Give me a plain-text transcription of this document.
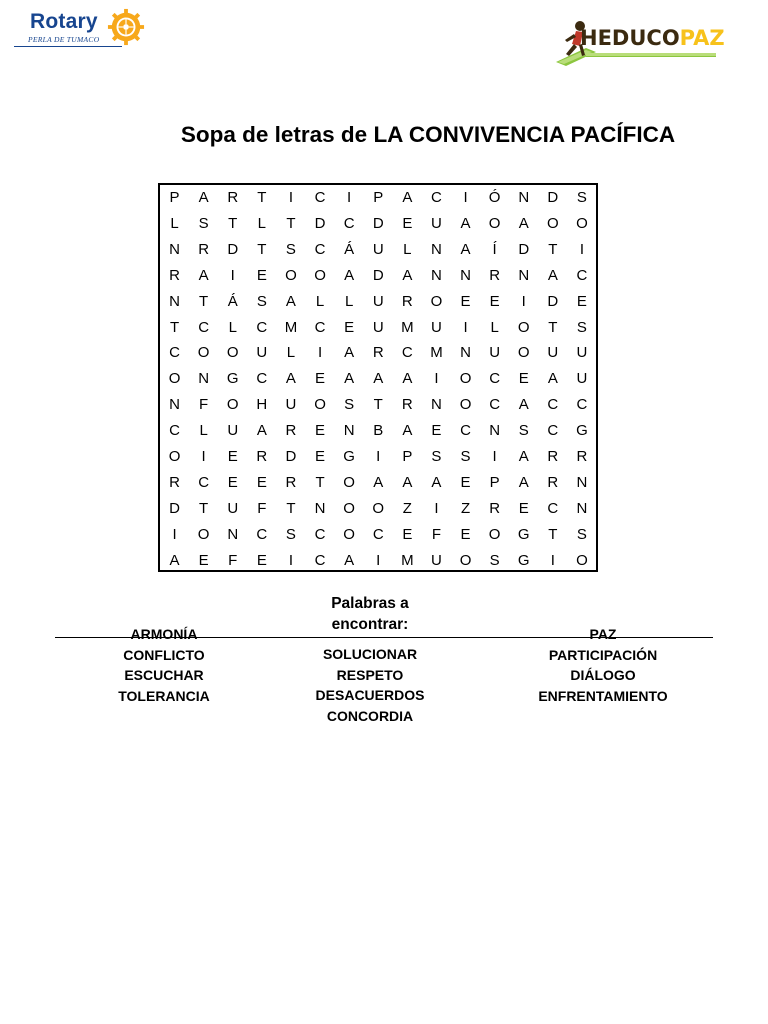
Rotary
PERLA DE TUMACO	HEDUCOPAZ
Sopa de letras de LA CONVIVENCIA PACÍFICA
P	A	R	T	I	C	I	P	A	C	I	Ó	N	D	S
L	S	T	L	T	D	C	D	E	U	A	O	A	O	O
N	R	D	T	S	C	Á	U	L	N	A	Í	D	T	I
R	A	I	E	O	O	A	D	A	N	N	R	N	A	C
N	T	Á	S	A	L	L	U	R	O	E	E	I	D	E
T	C	L	C	M	C	E	U	M	U	I	L	O	T	S
C	O	O	U	L	I	A	R	C	M	N	U	O	U	U
O	N	G	C	A	E	A	A	A	I	O	C	E	A	U
N	F	O	H	U	O	S	T	R	N	O	C	A	C	C
C	L	U	A	R	E	N	B	A	E	C	N	S	C	G
O	I	E	R	D	E	G	I	P	S	S	I	A	R	R
R	C	E	E	R	T	O	A	A	A	E	P	A	R	N
D	T	U	F	T	N	O	O	Z	I	Z	R	E	C	N
I	O	N	C	S	C	O	C	E	F	E	O	G	T	S
A	E	F	E	I	C	A	I	M	U	O	S	G	I	O
Palabras a encontrar:
ARMONÍA
CONFLICTO
ESCUCHAR
TOLERANCIA
SOLUCIONAR
RESPETO
DESACUERDOS
CONCORDIA
PAZ
PARTICIPACIÓN
DIÁLOGO
ENFRENTAMIENTO
